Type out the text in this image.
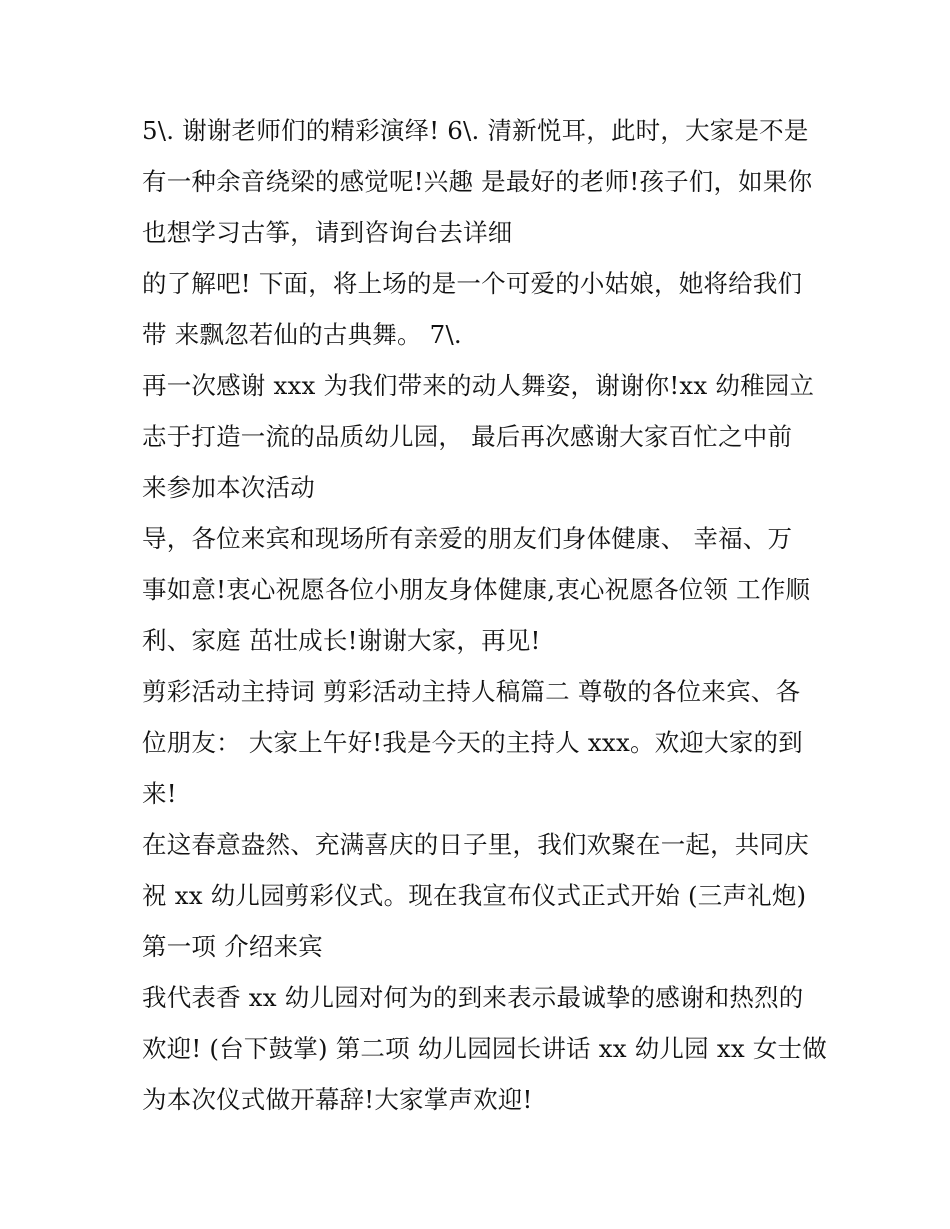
5\. 谢谢老师们的精彩演绎! 6\. 清新悦耳，此时，大家是不是
有一种余音绕梁的感觉呢!兴趣 是最好的老师!孩子们，如果你
也想学习古筝，请到咨询台去详细
的了解吧! 下面，将上场的是一个可爱的小姑娘，她将给我们
带 来飘忽若仙的古典舞。 7\.
再一次感谢 xxx 为我们带来的动人舞姿，谢谢你!xx 幼稚园立
志于打造一流的品质幼儿园， 最后再次感谢大家百忙之中前
来参加本次活动
导，各位来宾和现场所有亲爱的朋友们身体健康、 幸福、万
事如意!衷心祝愿各位小朋友身体健康,衷心祝愿各位领 工作顺
利、家庭 茁壮成长!谢谢大家，再见!
剪彩活动主持词 剪彩活动主持人稿篇二 尊敬的各位来宾、各
位朋友： 大家上午好!我是今天的主持人 xxx。欢迎大家的到
来!
在这春意盎然、充满喜庆的日子里，我们欢聚在一起，共同庆
祝 xx 幼儿园剪彩仪式。现在我宣布仪式正式开始 (三声礼炮)
第一项 介绍来宾
我代表香 xx 幼儿园对何为的到来表示最诚挚的感谢和热烈的
欢迎! (台下鼓掌) 第二项 幼儿园园长讲话 xx 幼儿园 xx 女士做
为本次仪式做开幕辞!大家掌声欢迎!
